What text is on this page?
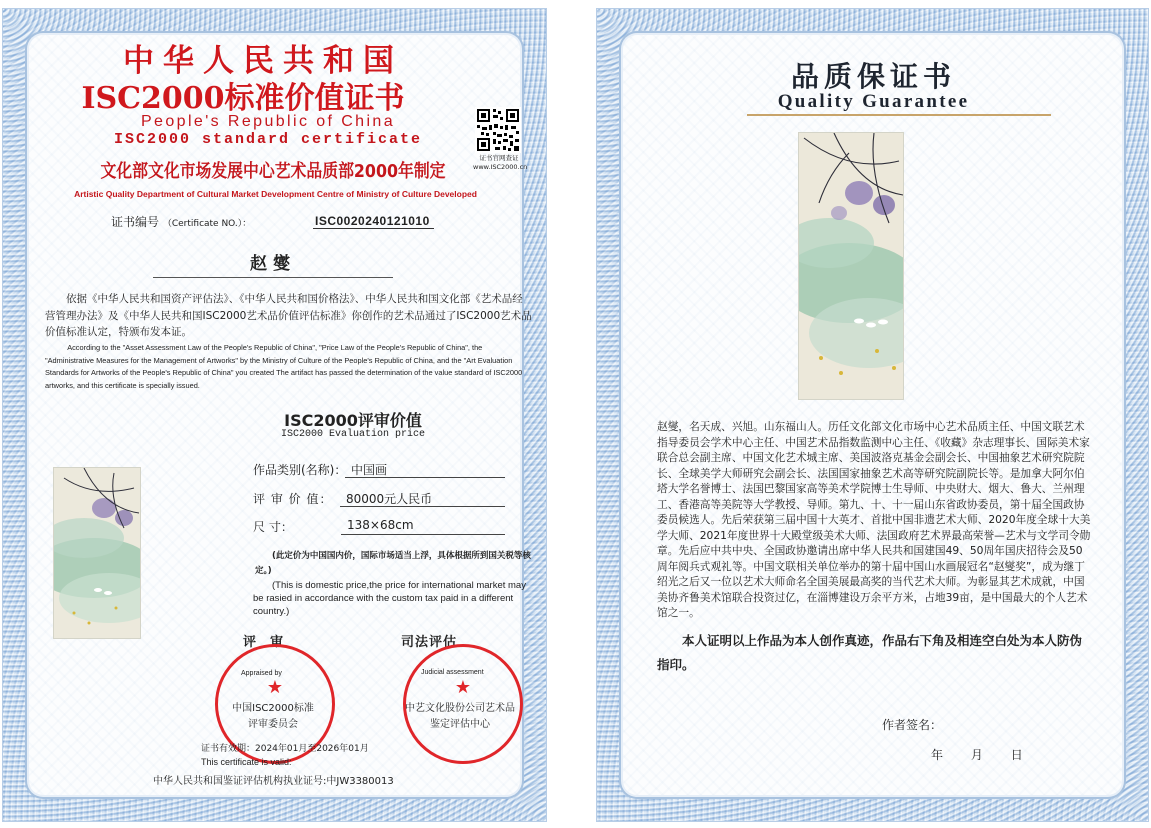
中华人民共和国
ISC2000标准价值证书
People's Republic of China
ISC2000 standard certificate
证书官网查证
www.ISC2000.cn
文化部文化市场发展中心艺术品质部2000年制定
Artistic Quality Department of Cultural Market Development Centre of Ministry of Culture Developed
证书编号 （Certificate NO.）：	ISC0020240121010
赵燮
依据《中华人民共和国资产评估法》、《中华人民共和国价格法》、中华人民共和国文化部《艺术品经营管理办法》及《中华人民共和国ISC2000艺术品价值评估标准》你创作的艺术品通过了ISC2000艺术品价值标准认定，特颁布发本证。
According to the "Asset Assessment Law of the People's Republic of China", "Price Law of the People's Republic of China", the "Administrative Measures for the Management of Artworks" by the Ministry of Culture of the People's Republic of China, and the "Art Evaluation Standards for Artworks of the People's Republic of China" you created The artifact has passed the determination of the value standard of ISC2000 artworks, and this certificate is specially issued.
ISC2000评审价值
ISC2000 Evaluation price
作品类别(名称)： 中国画
评 审 价 值：	80000元人民币
尺 寸：	138×68cm
(此定价为中国国内价，国际市场适当上浮，具体根据所到国关税等核定。)
(This is domestic price,the price for international market may be rasied in accordance with the custom tax paid in a different country.)
评审	司法评估
★	★
Appraised by	Judicial assessment
中国ISC2000标准
评审委员会
中艺文化股份公司艺术品
鉴定评估中心
证书有效期：2024年01月至2026年01月
This certificate is valid:
中华人民共和国鉴证评估机构执业证号:中JW3380013
品质保证书
Quality Guarantee
赵燮，名天成、兴旭。山东福山人。历任文化部文化市场中心艺术品质主任、中国文联艺术指导委员会学术中心主任、中国艺术品指数监测中心主任、《收藏》杂志理事长、国际美术家联合总会副主席、中国文化艺术城主席、美国波洛克基金会副会长、中国抽象艺术研究院院长、全球美学大师研究会副会长、法国国家抽象艺术高等研究院副院长等。是加拿大阿尔伯塔大学名誉博士、法国巴黎国家高等美术学院博士生导师、中央财大、烟大、鲁大、兰州理工、香港高等美院等大学教授、导师。第九、十、十一届山东省政协委员，第十届全国政协委员候选人。先后荣获第三届中国十大英才、首批中国非遗艺术大师、2020年度全球十大美学大师、2021年度世界十大殿堂级美术大师、法国政府艺术界最高荣誉—艺术与文学司令勋章。先后应中共中央、全国政协邀请出席中华人民共和国建国49、50周年国庆招待会及50周年阅兵式观礼等。中国文联相关单位举办的第十届中国山水画展冠名“赵燮奖”，成为继丁绍光之后又一位以艺术大师命名全国美展最高奖的当代艺术大师。为彰显其艺术成就，中国美协齐鲁美术馆联合投资过亿，在淄博建设万余平方米，占地39亩，是中国最大的个人艺术馆之一。
本人证明以上作品为本人创作真迹，作品右下角及相连空白处为本人防伪指印。
作者签名：
年 月 日
